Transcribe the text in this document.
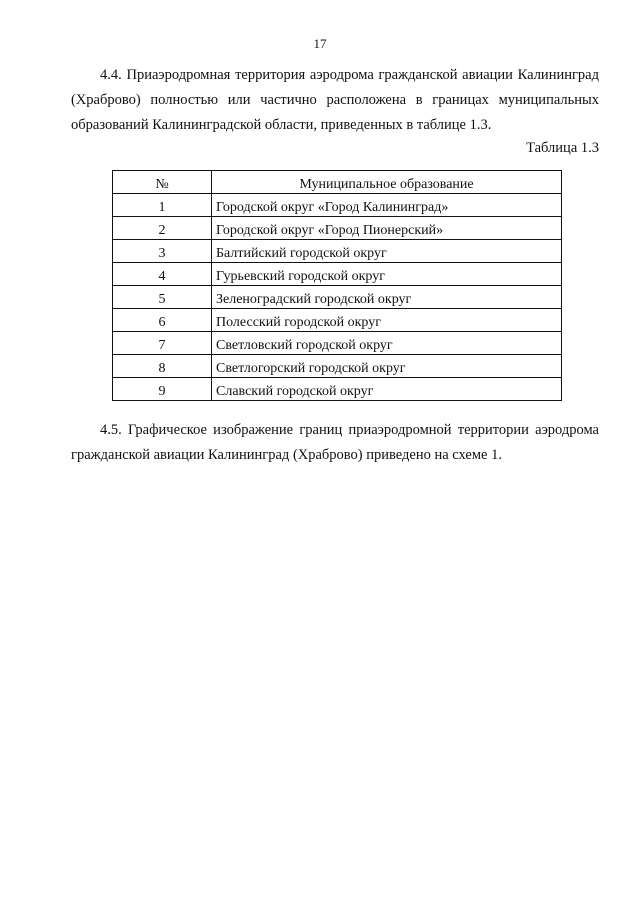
17

4.4. Приаэродромная территория аэродрома гражданской авиации Калининград (Храброво) полностью или частично расположена в границах муниципальных образований Калининградской области, приведенных в таблице 1.3.

Таблица 1.3
№	Муниципальное образование
1	Городской округ «Город Калининград»
2	Городской округ «Город Пионерский»
3	Балтийский городской округ
4	Гурьевский городской округ
5	Зеленоградский городской округ
6	Полесский городской округ
7	Светловский городской округ
8	Светлогорский городской округ
9	Славский городской округ

4.5. Графическое изображение границ приаэродромной территории аэродрома гражданской авиации Калининград (Храброво) приведено на схеме 1.
